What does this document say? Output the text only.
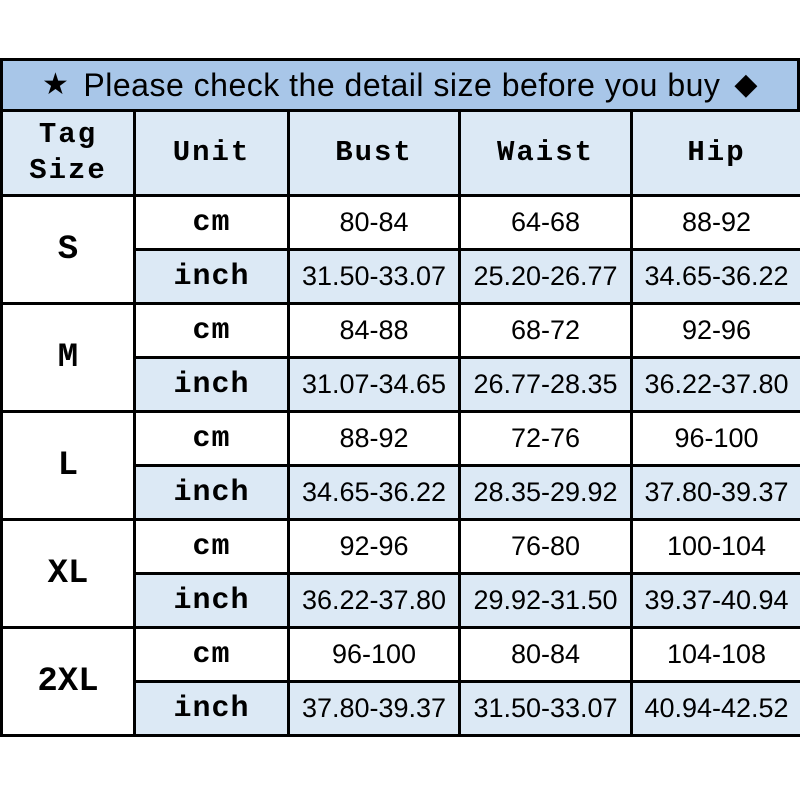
★ Please check the detail size before you buy ◆
Tag Size	Unit	Bust	Waist	Hip
S	cm	80-84	64-68	88-92
	inch	31.50-33.07	25.20-26.77	34.65-36.22
M	cm	84-88	68-72	92-96
	inch	31.07-34.65	26.77-28.35	36.22-37.80
L	cm	88-92	72-76	96-100
	inch	34.65-36.22	28.35-29.92	37.80-39.37
XL	cm	92-96	76-80	100-104
	inch	36.22-37.80	29.92-31.50	39.37-40.94
2XL	cm	96-100	80-84	104-108
	inch	37.80-39.37	31.50-33.07	40.94-42.52
